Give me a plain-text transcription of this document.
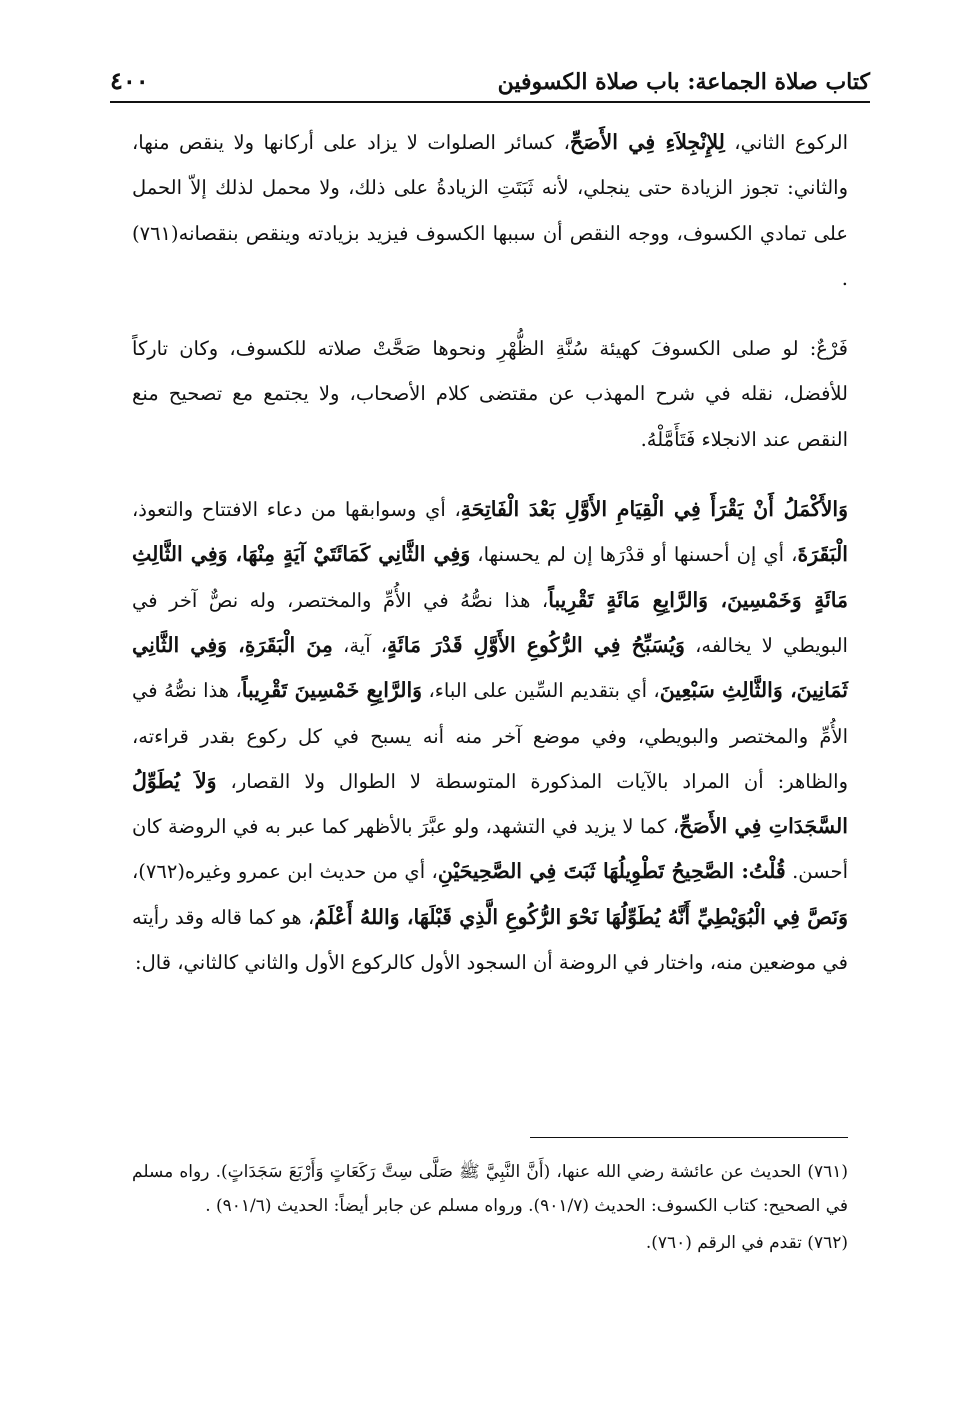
كتاب صلاة الجماعة: باب صلاة الكسوفين
٤٠٠

الركوع الثاني، لِلإِنْجِلاَءِ فِي الأَصَحِّ، كسائر الصلوات لا يزاد على أركانها ولا ينقص منها، والثاني: تجوز الزيادة حتى ينجلي، لأنه ثَبَتَتِ الزيادةُ على ذلك، ولا محمل لذلك إلاّ الحمل على تمادي الكسوف، ووجه النقص أن سببها الكسوف فيزيد بزيادته وينقص بنقصانه(٧٦١) .

فَرْعٌ: لو صلى الكسوفَ كهيئة سُنَّةِ الظُّهْرِ ونحوها صَحَّتْ صلاته للكسوف، وكان تاركاً للأفضل، نقله في شرح المهذب عن مقتضى كلام الأصحاب، ولا يجتمع مع تصحيح منع النقص عند الانجلاء فَتَأَمَّلْهُ.

وَالأَكْمَلُ أَنْ يَقْرَأَ فِي الْقِيَامِ الأَوَّلِ بَعْدَ الْفَاتِحَةِ، أي وسوابقها من دعاء الافتتاح والتعوذ، الْبَقَرَةَ، أي إن أحسنها أو قدْرَها إن لم يحسنها، وَفِي الثَّانِي كَمَائَتَيْ آيَةٍ مِنْهَا، وَفِي الثَّالِثِ مَائَةٍ وَخَمْسِينَ، وَالرَّابِعِ مَائَةٍ تَقْرِيباً، هذا نصُّهُ في الأُمِّ والمختصر، وله نصٌّ آخر في البويطي لا يخالفه، وَيُسَبِّحُ فِي الرُّكُوعِ الأَوَّلِ قَدْرَ مَائَةٍ، آية، مِنَ الْبَقَرَةِ، وَفِي الثَّانِي ثَمَانِينَ، وَالثَّالِثِ سَبْعِينَ، أي بتقديم السِّين على الباء، وَالرَّابِعِ خَمْسِينَ تَقْرِيباً، هذا نصُّهُ في الأُمِّ والمختصر والبويطي، وفي موضع آخر منه أنه يسبح في كل ركوع بقدر قراءته، والظاهر: أن المراد بالآيات المذكورة المتوسطة لا الطوال ولا القصار، وَلاَ يُطَوِّلُ السَّجَدَاتِ فِي الأَصَحِّ، كما لا يزيد في التشهد، ولو عبَّرَ بالأظهر كما عبر به في الروضة كان أحسن. قُلْتُ: الصَّحِيحُ تَطْوِيلُهَا ثَبَتَ فِي الصَّحِيحَيْنِ، أي من حديث ابن عمرو وغيره(٧٦٢)، وَنَصَّ فِي الْبُوَيْطِيِّ أَنَّهُ يُطَوِّلُهَا نَحْوَ الرُّكُوعِ الَّذِي قَبْلَهَا، وَاللهُ أَعْلَمُ، هو كما قاله وقد رأيته في موضعين منه، واختار في الروضة أن السجود الأول كالركوع الأول والثاني كالثاني، قال:

(٧٦١) الحديث عن عائشة رضي الله عنها، (أَنَّ النَّبِيَّ ﷺ صَلَّى سِتَّ رَكَعَاتٍ وَأَرْبَعَ سَجَدَاتٍ). رواه مسلم في الصحيح: كتاب الكسوف: الحديث (٩٠١/٧). ورواه مسلم عن جابر أيضاً: الحديث (٩٠١/٦) .

(٧٦٢) تقدم في الرقم (٧٦٠).
